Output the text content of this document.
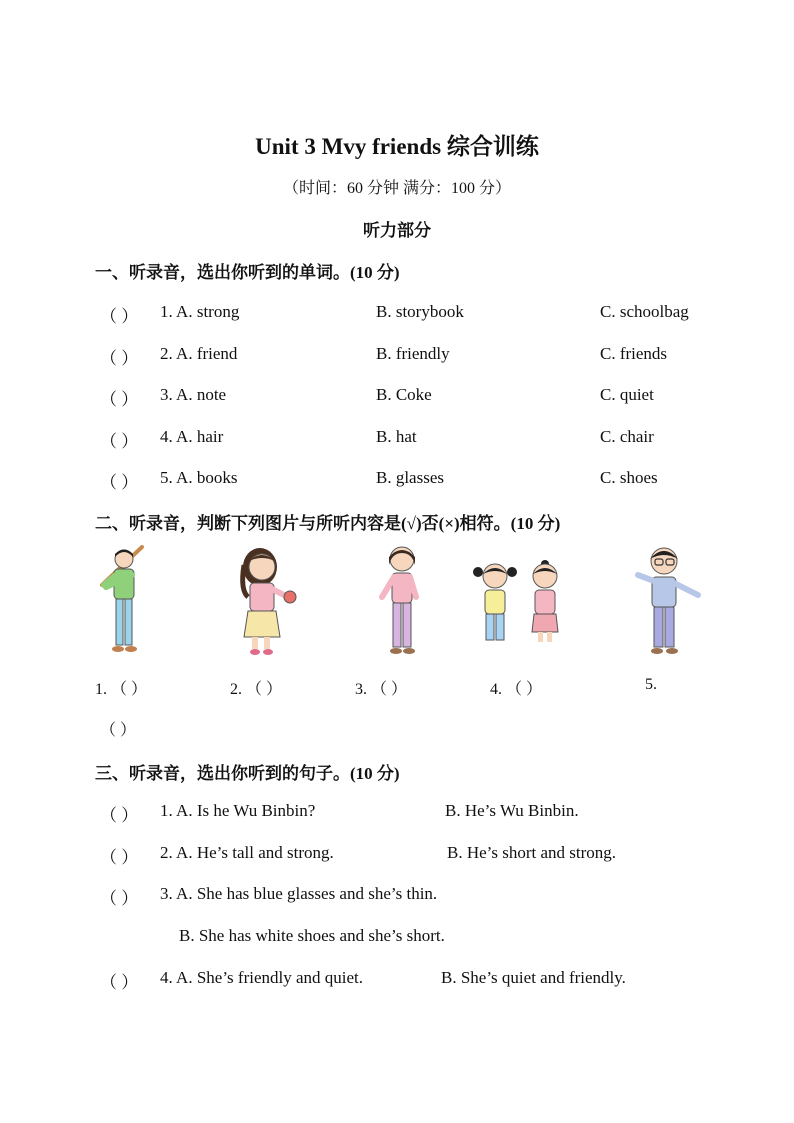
Unit 3 Mvy friends 综合训练
（时间：60 分钟 满分：100 分）
听力部分
一、听录音，选出你听到的单词。(10 分)
（ ） 1. A. strong	B. storybook	C. schoolbag
（ ） 2. A. friend	B. friendly	C. friends
（ ） 3. A. note	B. Coke	C. quiet
（ ） 4. A. hair	B. hat	C. chair
（ ） 5. A. books	B. glasses	C. shoes
二、听录音，判断下列图片与所听内容是(√)否(×)相符。(10 分)
1. （ ）	2. （ ）	3. （ ）	4. （ ）	5.
（ ）
三、听录音，选出你听到的句子。(10 分)
（ ） 1. A. Is he Wu Binbin?	B. He’s Wu Binbin.
（ ） 2. A. He’s tall and strong.	B. He’s short and strong.
（ ） 3. A. She has blue glasses and she’s thin.
B. She has white shoes and she’s short.
（ ） 4. A. She’s friendly and quiet.	B. She’s quiet and friendly.
